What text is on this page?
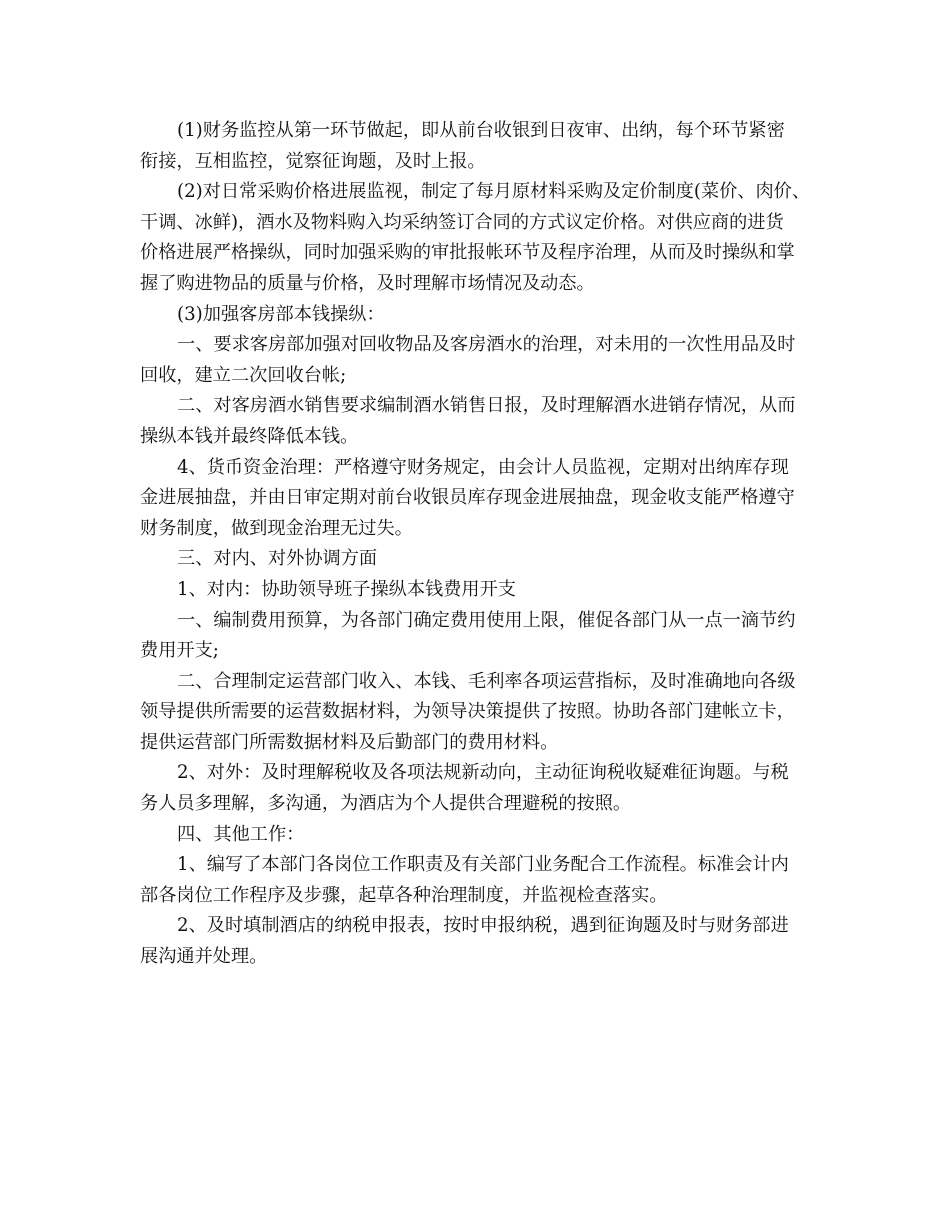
(1)财务监控从第一环节做起，即从前台收银到日夜审、出纳，每个环节紧密
衔接，互相监控，觉察征询题，及时上报。
(2)对日常采购价格进展监视，制定了每月原材料采购及定价制度(菜价、肉价、
干调、冰鲜)，酒水及物料购入均采纳签订合同的方式议定价格。对供应商的进货
价格进展严格操纵，同时加强采购的审批报帐环节及程序治理，从而及时操纵和掌
握了购进物品的质量与价格，及时理解市场情况及动态。
(3)加强客房部本钱操纵：
一、要求客房部加强对回收物品及客房酒水的治理，对未用的一次性用品及时
回收，建立二次回收台帐;
二、对客房酒水销售要求编制酒水销售日报，及时理解酒水进销存情况，从而
操纵本钱并最终降低本钱。
4、货币资金治理：严格遵守财务规定，由会计人员监视，定期对出纳库存现
金进展抽盘，并由日审定期对前台收银员库存现金进展抽盘，现金收支能严格遵守
财务制度，做到现金治理无过失。
三、对内、对外协调方面
1、对内：协助领导班子操纵本钱费用开支
一、编制费用预算，为各部门确定费用使用上限，催促各部门从一点一滴节约
费用开支;
二、合理制定运营部门收入、本钱、毛利率各项运营指标，及时准确地向各级
领导提供所需要的运营数据材料，为领导决策提供了按照。协助各部门建帐立卡，
提供运营部门所需数据材料及后勤部门的费用材料。
2、对外：及时理解税收及各项法规新动向，主动征询税收疑难征询题。与税
务人员多理解，多沟通，为酒店为个人提供合理避税的按照。
四、其他工作：
1、编写了本部门各岗位工作职责及有关部门业务配合工作流程。标准会计内
部各岗位工作程序及步骤，起草各种治理制度，并监视检查落实。
2、及时填制酒店的纳税申报表，按时申报纳税，遇到征询题及时与财务部进
展沟通并处理。
